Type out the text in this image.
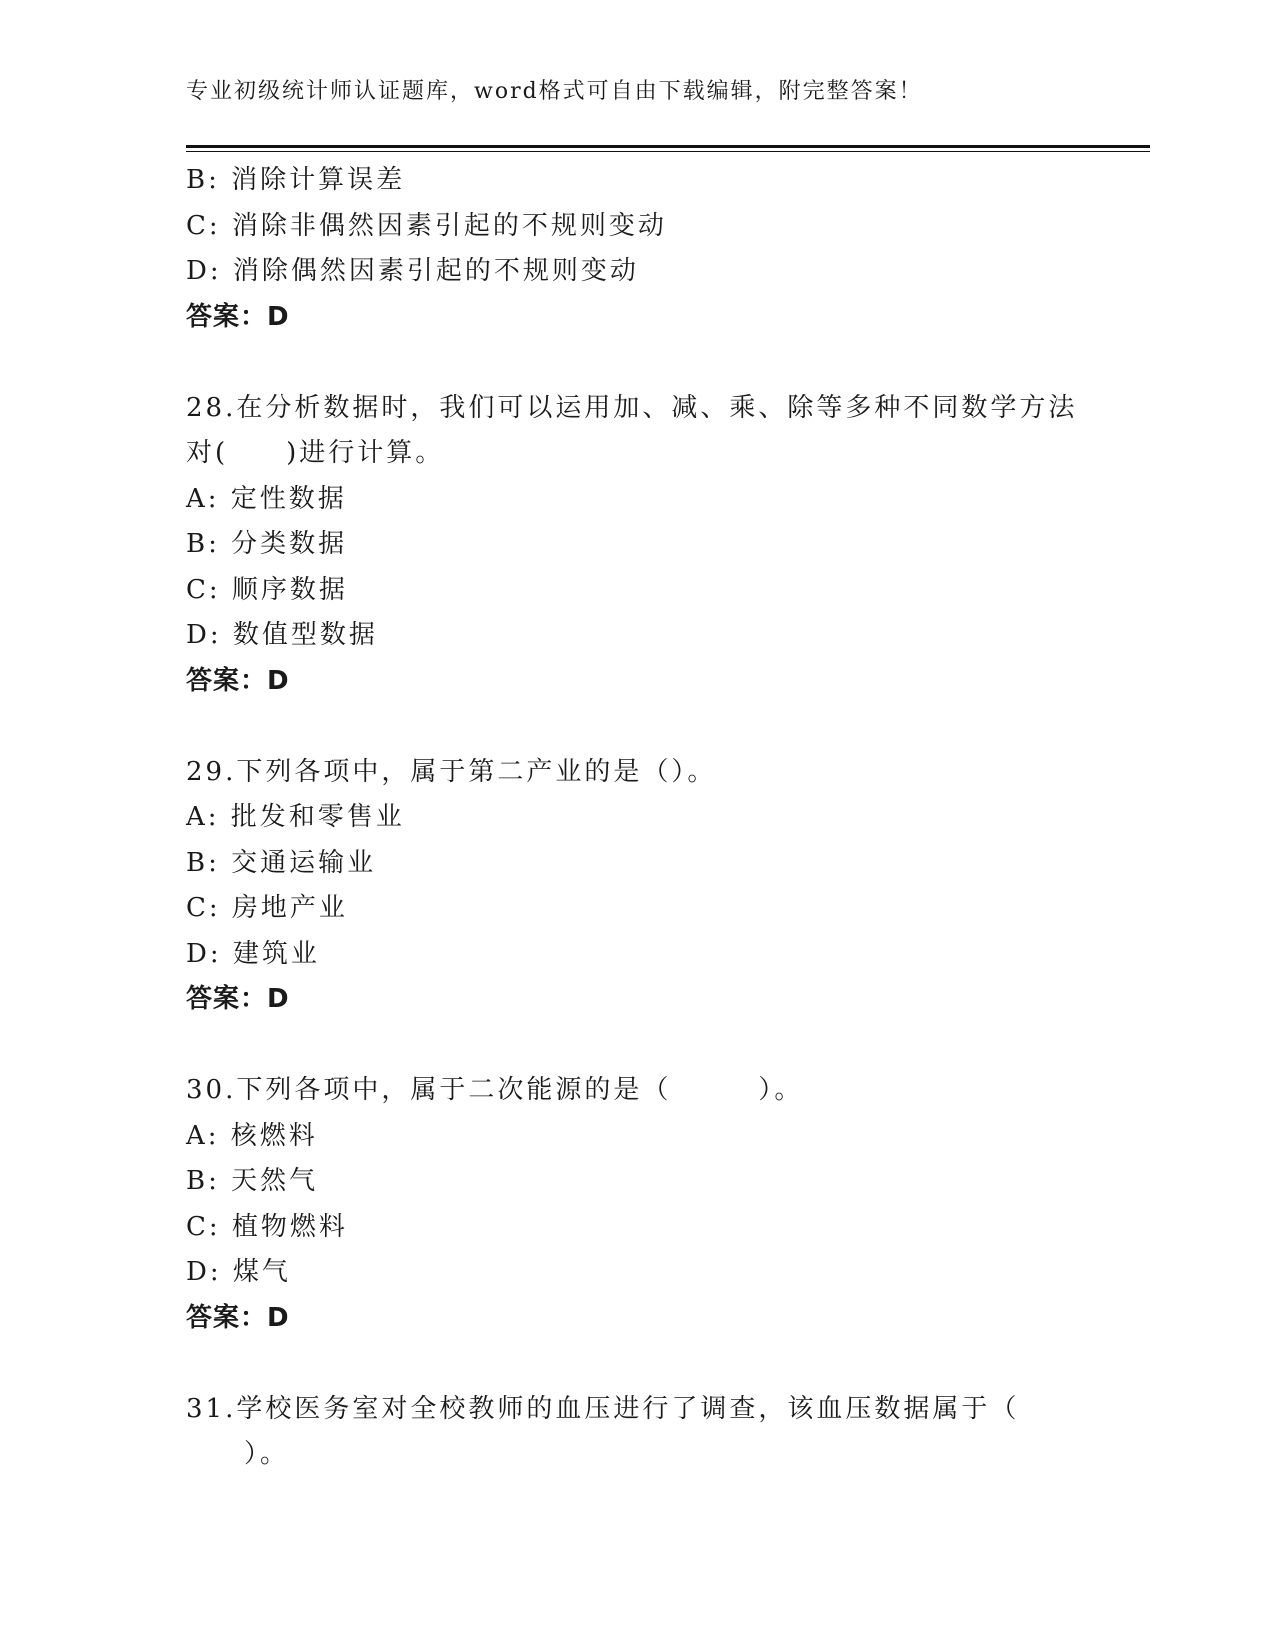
专业初级统计师认证题库，word格式可自由下载编辑，附完整答案！
B: 消除计算误差
C: 消除非偶然因素引起的不规则变动
D: 消除偶然因素引起的不规则变动
答案：D
28.在分析数据时，我们可以运用加、减、乘、除等多种不同数学方法
对(　　)进行计算。
A: 定性数据
B: 分类数据
C: 顺序数据
D: 数值型数据
答案：D
29.下列各项中，属于第二产业的是（）。
A: 批发和零售业
B: 交通运输业
C: 房地产业
D: 建筑业
答案：D
30.下列各项中，属于二次能源的是（　　　）。
A: 核燃料
B: 天然气
C: 植物燃料
D: 煤气
答案：D
31.学校医务室对全校教师的血压进行了调查，该血压数据属于（
　　）。
